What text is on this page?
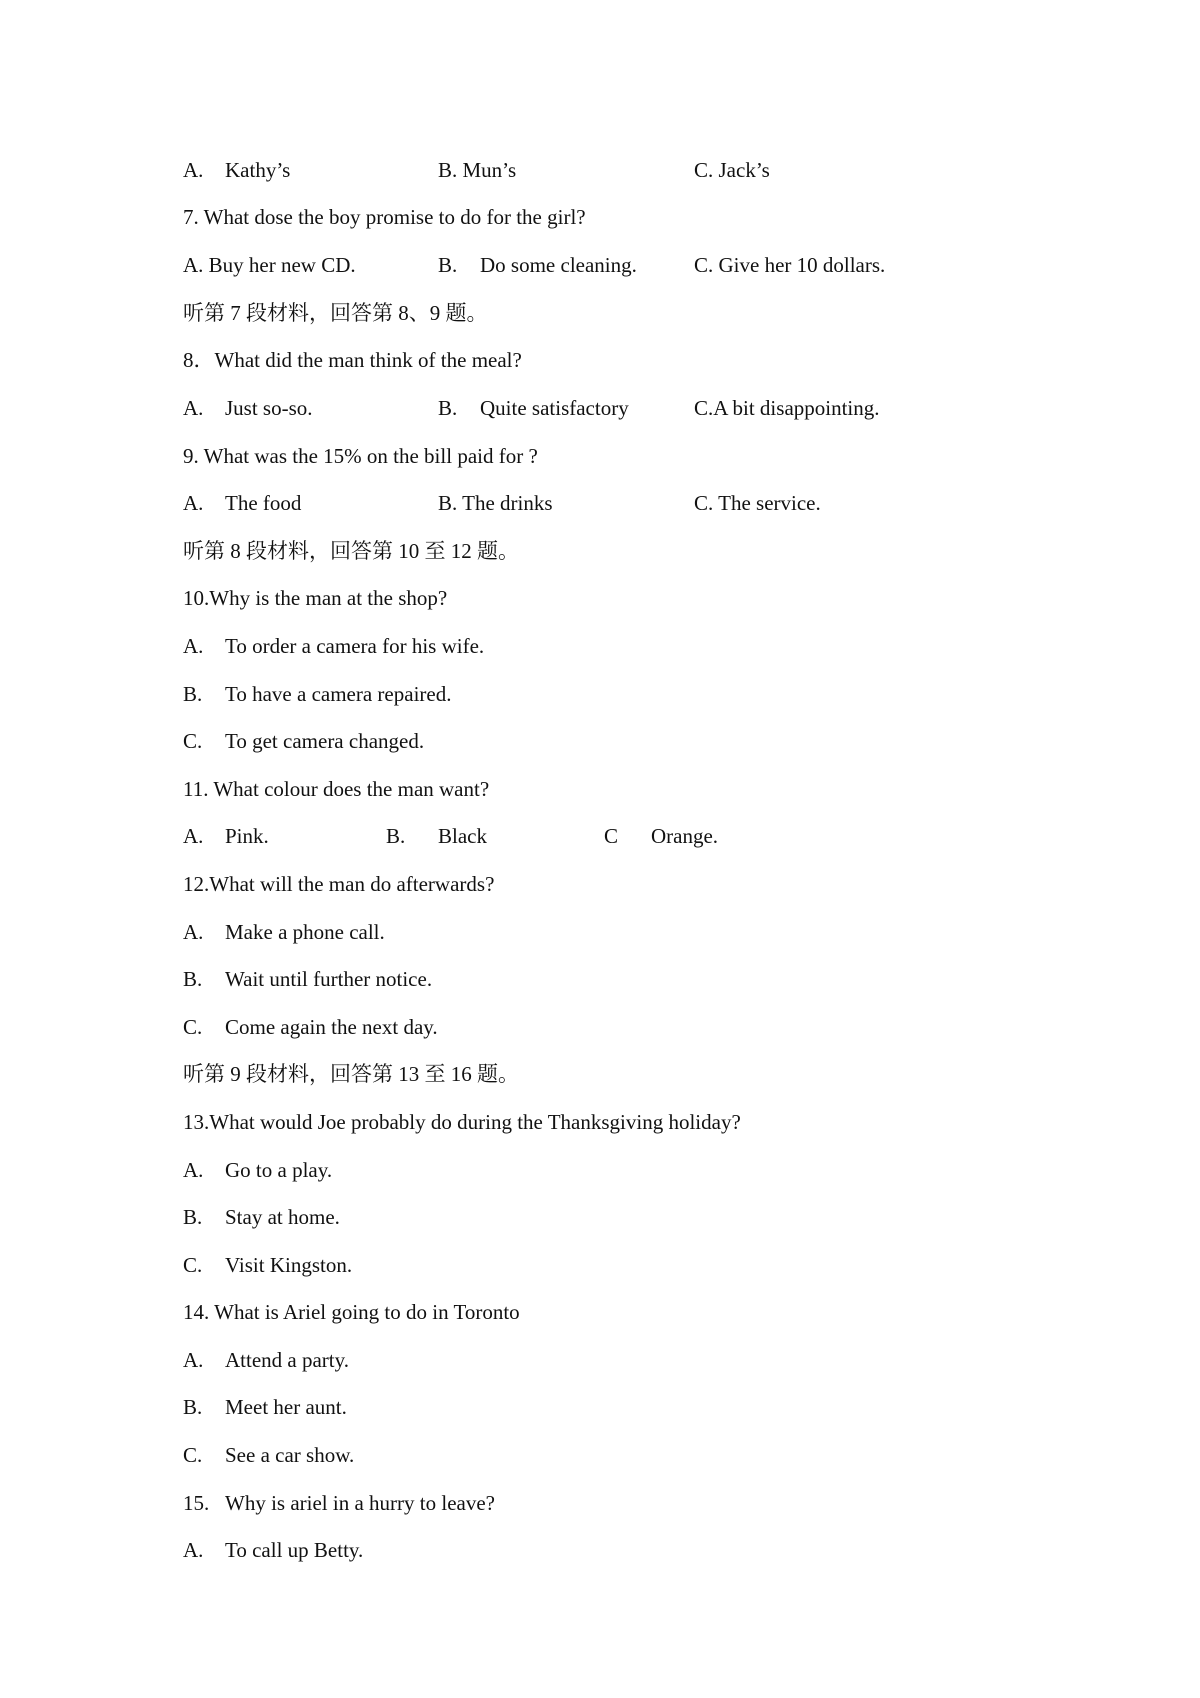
A. Kathy’s	B. Mun’s	C. Jack’s
7. What dose the boy promise to do for the girl?
A. Buy her new CD.	B. Do some cleaning.	C. Give her 10 dollars.
听第 7 段材料，回答第 8、9 题。
8．What did the man think of the meal?
A. Just so-so.	B. Quite satisfactory	C.A bit disappointing.
9. What was the 15% on the bill paid for ?
A. The food	B. The drinks	C. The service.
听第 8 段材料，回答第 10 至 12 题。
10.Why is the man at the shop?
A. To order a camera for his wife.
B. To have a camera repaired.
C. To get camera changed.
11. What colour does the man want?
A. Pink.	B. Black	C Orange.
12.What will the man do afterwards?
A. Make a phone call.
B. Wait until further notice.
C. Come again the next day.
听第 9 段材料，回答第 13 至 16 题。
13.What would Joe probably do during the Thanksgiving holiday?
A. Go to a play.
B. Stay at home.
C. Visit Kingston.
14. What is Ariel going to do in Toronto
A. Attend a party.
B. Meet her aunt.
C. See a car show.
15. Why is ariel in a hurry to leave?
A. To call up Betty.
